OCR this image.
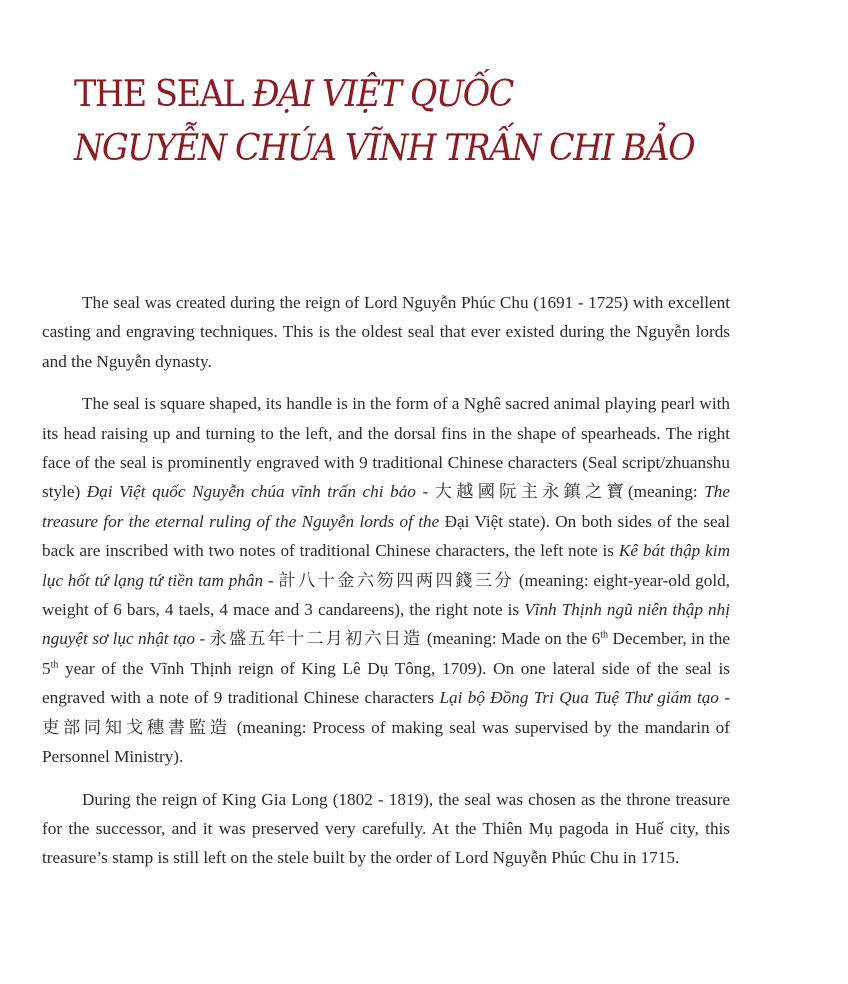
THE SEAL ĐẠI VIỆT QUỐC
NGUYỄN CHÚA VĨNH TRẤN CHI BẢO

The seal was created during the reign of Lord Nguyễn Phúc Chu (1691 - 1725) with excellent casting and engraving techniques. This is the oldest seal that ever existed during the Nguyễn lords and the Nguyễn dynasty.

The seal is square shaped, its handle is in the form of a Nghê sacred animal playing pearl with its head raising up and turning to the left, and the dorsal fins in the shape of spearheads. The right face of the seal is prominently engraved with 9 traditional Chinese characters (Seal script/zhuanshu style) Đại Việt quốc Nguyễn chúa vĩnh trấn chi bảo - 大越國阮主永鎮之寶(meaning: The treasure for the eternal ruling of the Nguyễn lords of the Đại Việt state). On both sides of the seal back are inscribed with two notes of traditional Chinese characters, the left note is Kê bát thập kim lục hốt tứ lạng tứ tiền tam phân - 計八十金六笏四两四錢三分 (meaning: eight-year-old gold, weight of 6 bars, 4 taels, 4 mace and 3 candareens), the right note is Vĩnh Thịnh ngũ niên thập nhị nguyệt sơ lục nhật tạo - 永盛五年十二月初六日造 (meaning: Made on the 6th December, in the 5th year of the Vĩnh Thịnh reign of King Lê Dụ Tông, 1709). On one lateral side of the seal is engraved with a note of 9 traditional Chinese characters Lại bộ Đồng Tri Qua Tuệ Thư giám tạo - 吏部同知戈穗書監造 (meaning: Process of making seal was supervised by the mandarin of Personnel Ministry).

During the reign of King Gia Long (1802 - 1819), the seal was chosen as the throne treasure for the successor, and it was preserved very carefully. At the Thiên Mụ pagoda in Huế city, this treasure’s stamp is still left on the stele built by the order of Lord Nguyễn Phúc Chu in 1715.
